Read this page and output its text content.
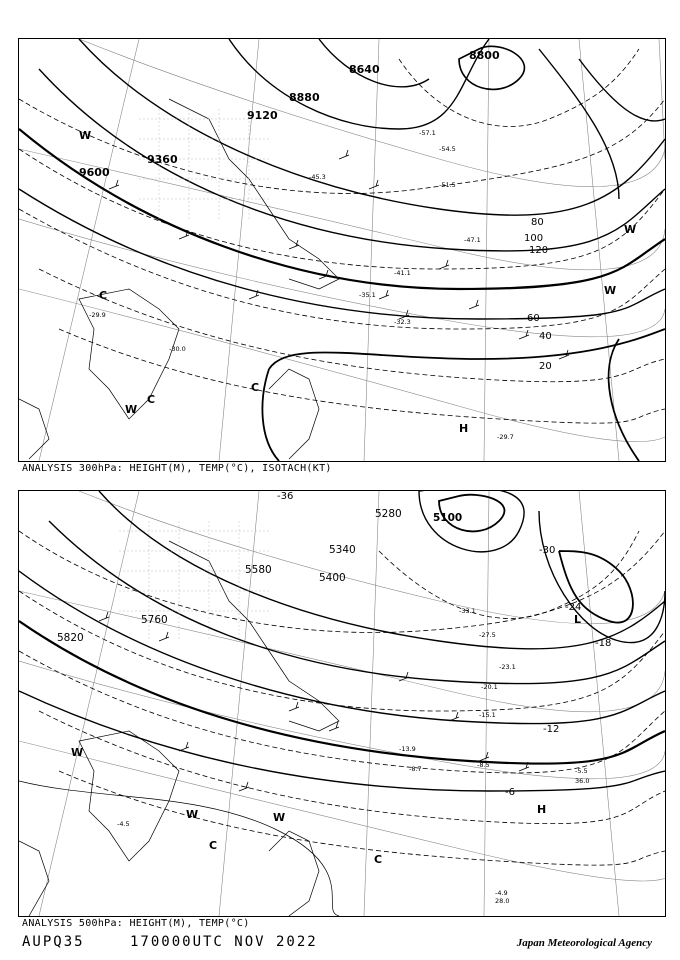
8640
8800
8880
9120
9360
9600
20
40
60
80
100
120
-57.1
-54.5
-51.5
-47.1
-45.3
-41.1
-35.1
-32.3
-30.0
-29.9
-29.7
H
C
C
C
W
W
W
W
ANALYSIS 300hPa: HEIGHT(M), TEMP(°C), ISOTACH(KT)
5100
5280
5340
5400
5580
5760
5820
-36
-30
-24
-18
-12
-6
-33.1
-27.5
-23.1
-20.1
-15.1
-13.9
-8.7	-8.5
-5.5
-4.9
-4.5
28.0
36.0
H
L
C
C
W
W	W
ANALYSIS 500hPa: HEIGHT(M), TEMP(°C)
AUPQ35	170000UTC NOV 2022	Japan Meteorological Agency
